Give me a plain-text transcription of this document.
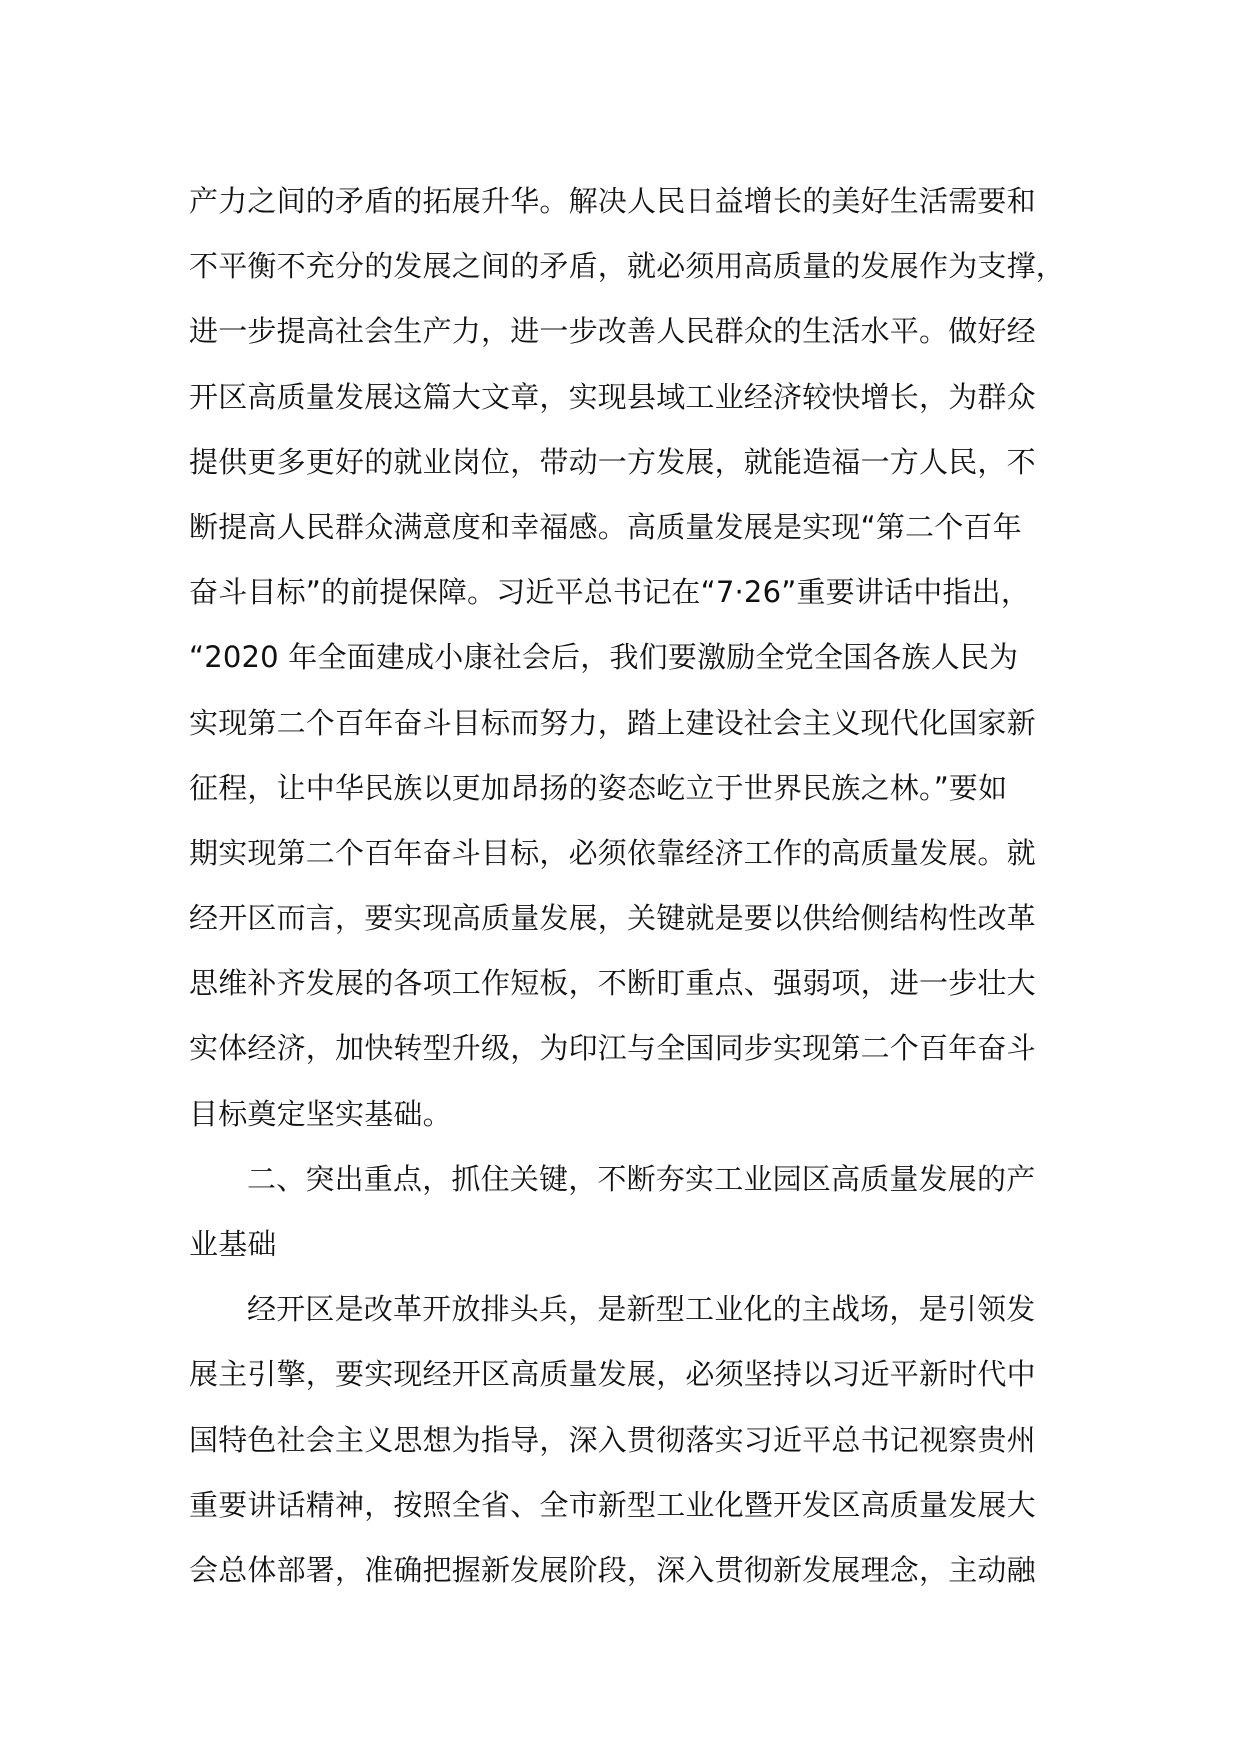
产力之间的矛盾的拓展升华。解决人民日益增长的美好生活需要和
不平衡不充分的发展之间的矛盾，就必须用高质量的发展作为支撑，
进一步提高社会生产力，进一步改善人民群众的生活水平。做好经
开区高质量发展这篇大文章，实现县域工业经济较快增长，为群众
提供更多更好的就业岗位，带动一方发展，就能造福一方人民，不
断提高人民群众满意度和幸福感。高质量发展是实现“第二个百年
奋斗目标”的前提保障。习近平总书记在“7·26”重要讲话中指出，
“2020 年全面建成小康社会后，我们要激励全党全国各族人民为
实现第二个百年奋斗目标而努力，踏上建设社会主义现代化国家新
征程，让中华民族以更加昂扬的姿态屹立于世界民族之林。”要如
期实现第二个百年奋斗目标，必须依靠经济工作的高质量发展。就
经开区而言，要实现高质量发展，关键就是要以供给侧结构性改革
思维补齐发展的各项工作短板，不断盯重点、强弱项，进一步壮大
实体经济，加快转型升级，为印江与全国同步实现第二个百年奋斗
目标奠定坚实基础。
二、突出重点，抓住关键，不断夯实工业园区高质量发展的产
业基础
经开区是改革开放排头兵，是新型工业化的主战场，是引领发
展主引擎，要实现经开区高质量发展，必须坚持以习近平新时代中
国特色社会主义思想为指导，深入贯彻落实习近平总书记视察贵州
重要讲话精神，按照全省、全市新型工业化暨开发区高质量发展大
会总体部署，准确把握新发展阶段，深入贯彻新发展理念，主动融
